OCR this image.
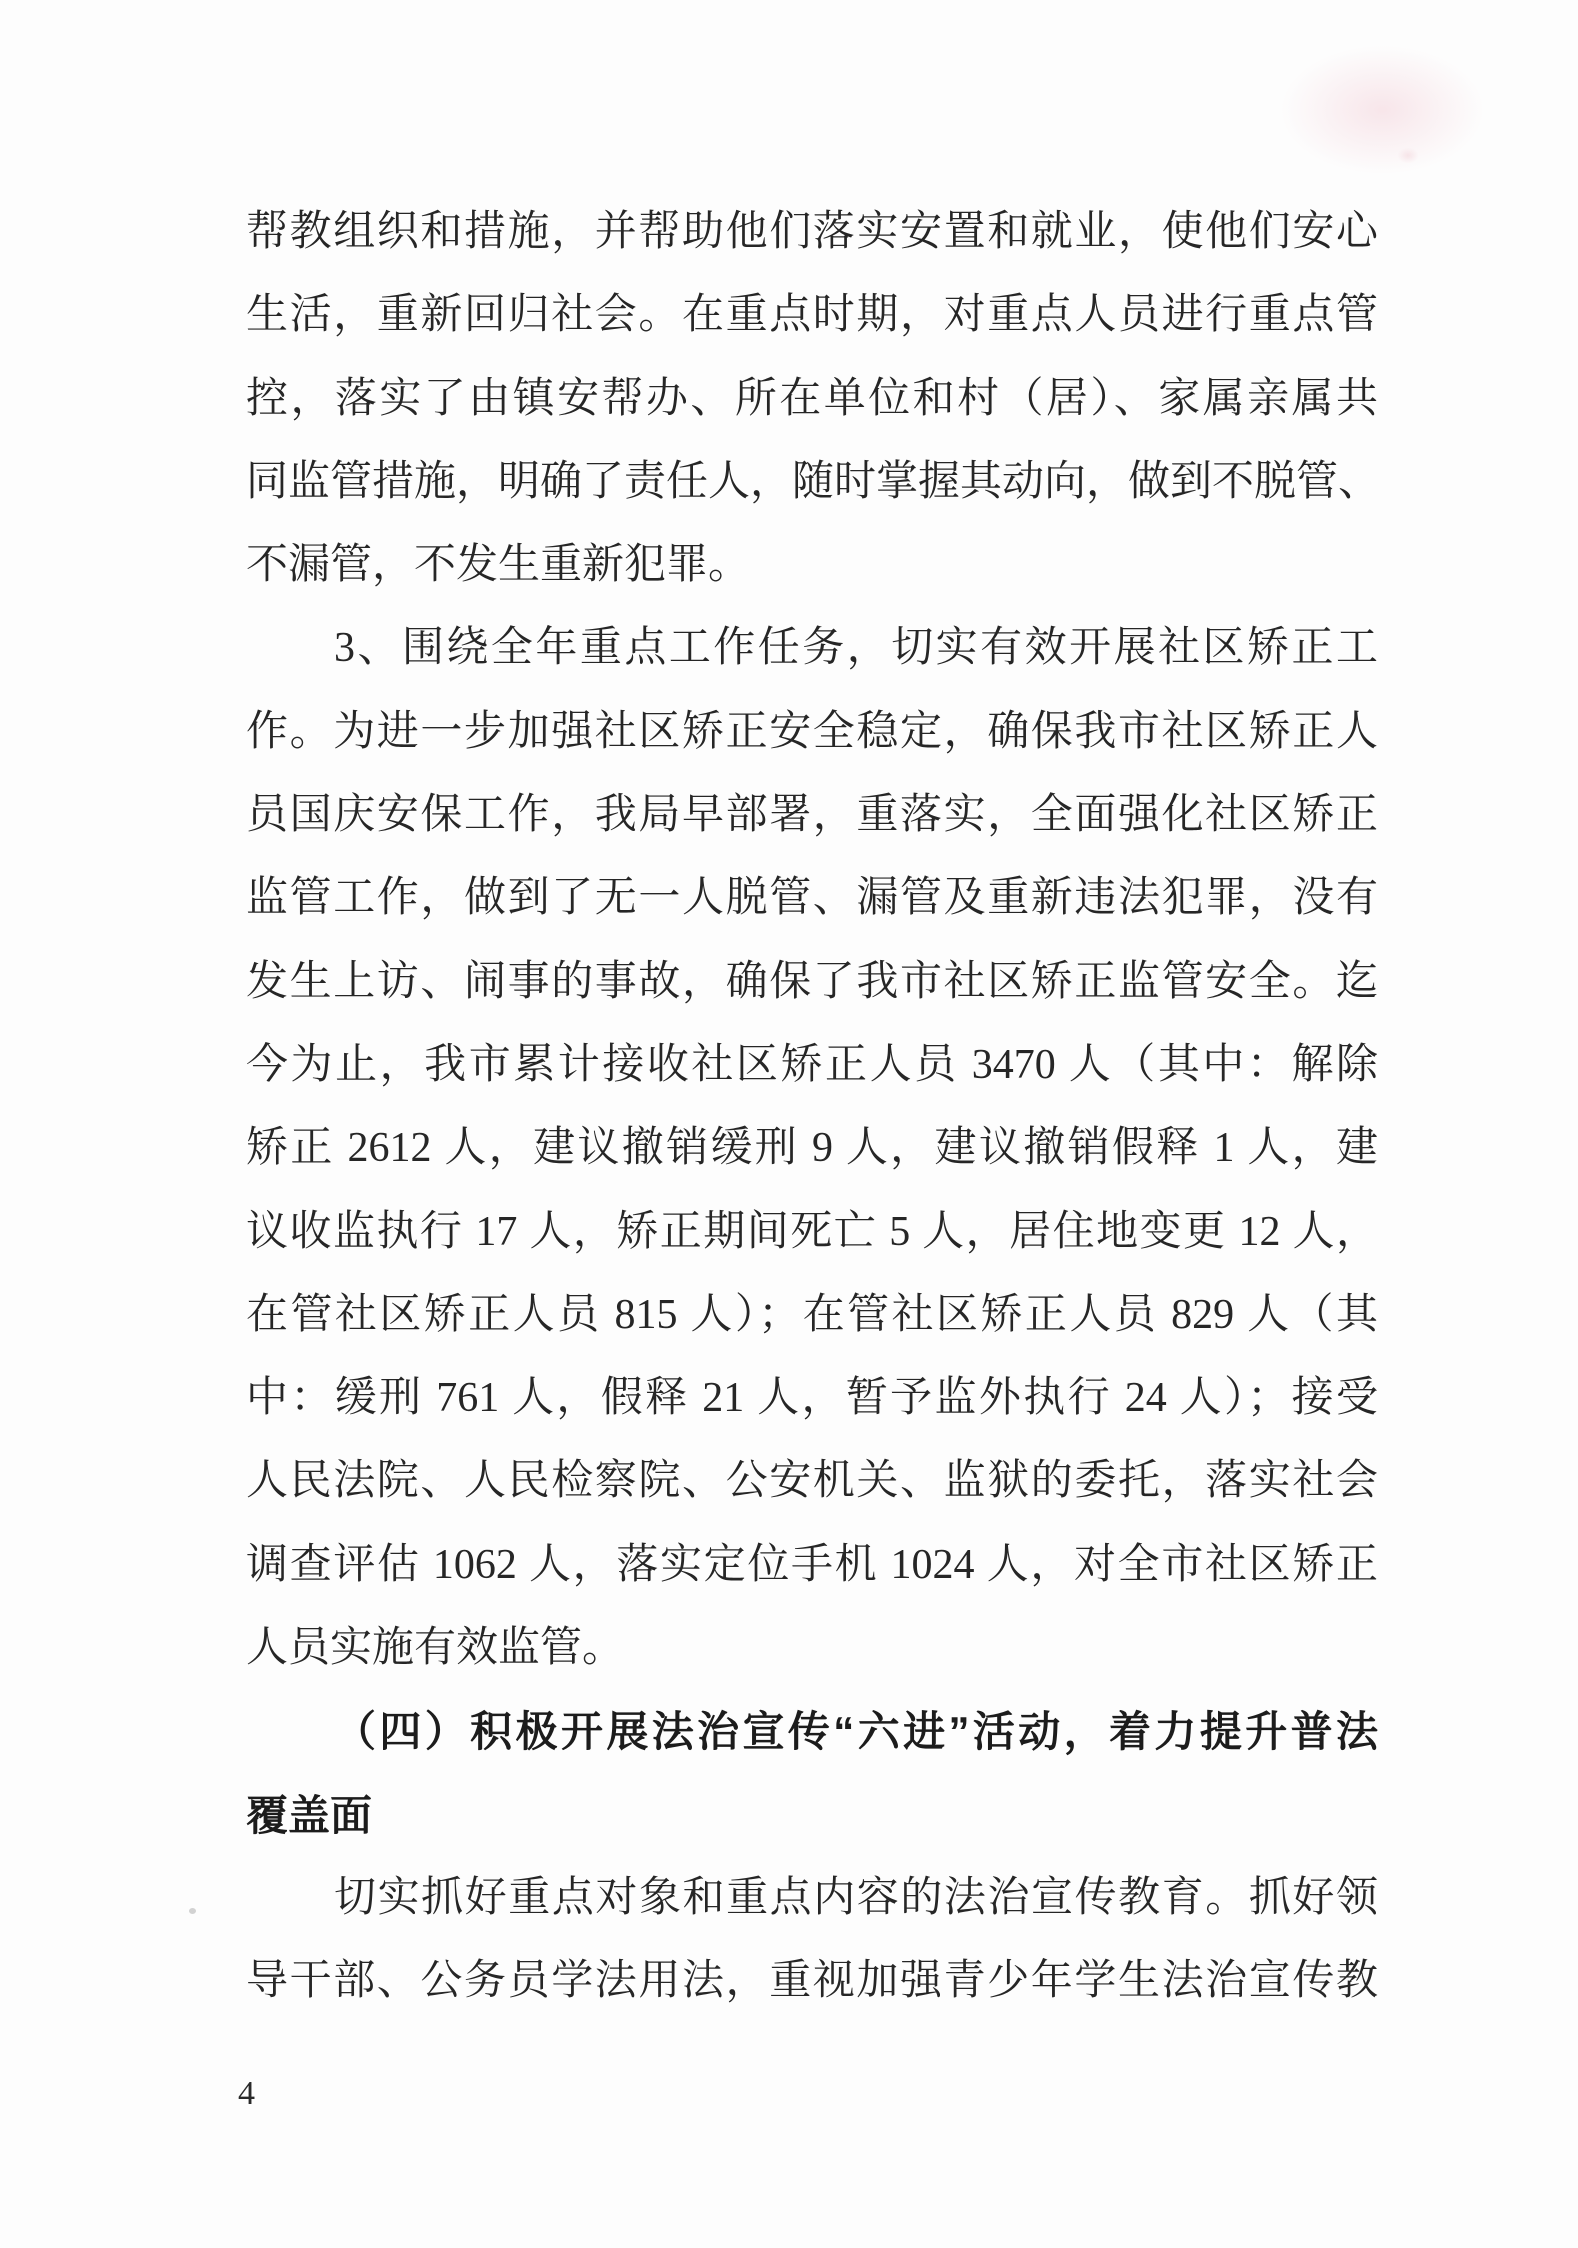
帮教组织和措施，并帮助他们落实安置和就业，使他们安心
生活，重新回归社会。在重点时期，对重点人员进行重点管
控，落实了由镇安帮办、所在单位和村（居）、家属亲属共
同监管措施，明确了责任人，随时掌握其动向，做到不脱管、
不漏管，不发生重新犯罪。
3、围绕全年重点工作任务，切实有效开展社区矫正工
作。为进一步加强社区矫正安全稳定，确保我市社区矫正人
员国庆安保工作，我局早部署，重落实，全面强化社区矫正
监管工作，做到了无一人脱管、漏管及重新违法犯罪，没有
发生上访、闹事的事故，确保了我市社区矫正监管安全。迄
今为止，我市累计接收社区矫正人员 3470 人（其中：解除
矫正 2612 人，建议撤销缓刑 9 人，建议撤销假释 1 人，建
议收监执行 17 人，矫正期间死亡 5 人，居住地变更 12 人，
在管社区矫正人员 815 人）；在管社区矫正人员 829 人（其
中：缓刑 761 人，假释 21 人，暂予监外执行 24 人）；接受
人民法院、人民检察院、公安机关、监狱的委托，落实社会
调查评估 1062 人，落实定位手机 1024 人，对全市社区矫正
人员实施有效监管。
（四）积极开展法治宣传“六进”活动，着力提升普法
覆盖面
切实抓好重点对象和重点内容的法治宣传教育。抓好领
导干部、公务员学法用法，重视加强青少年学生法治宣传教
4
